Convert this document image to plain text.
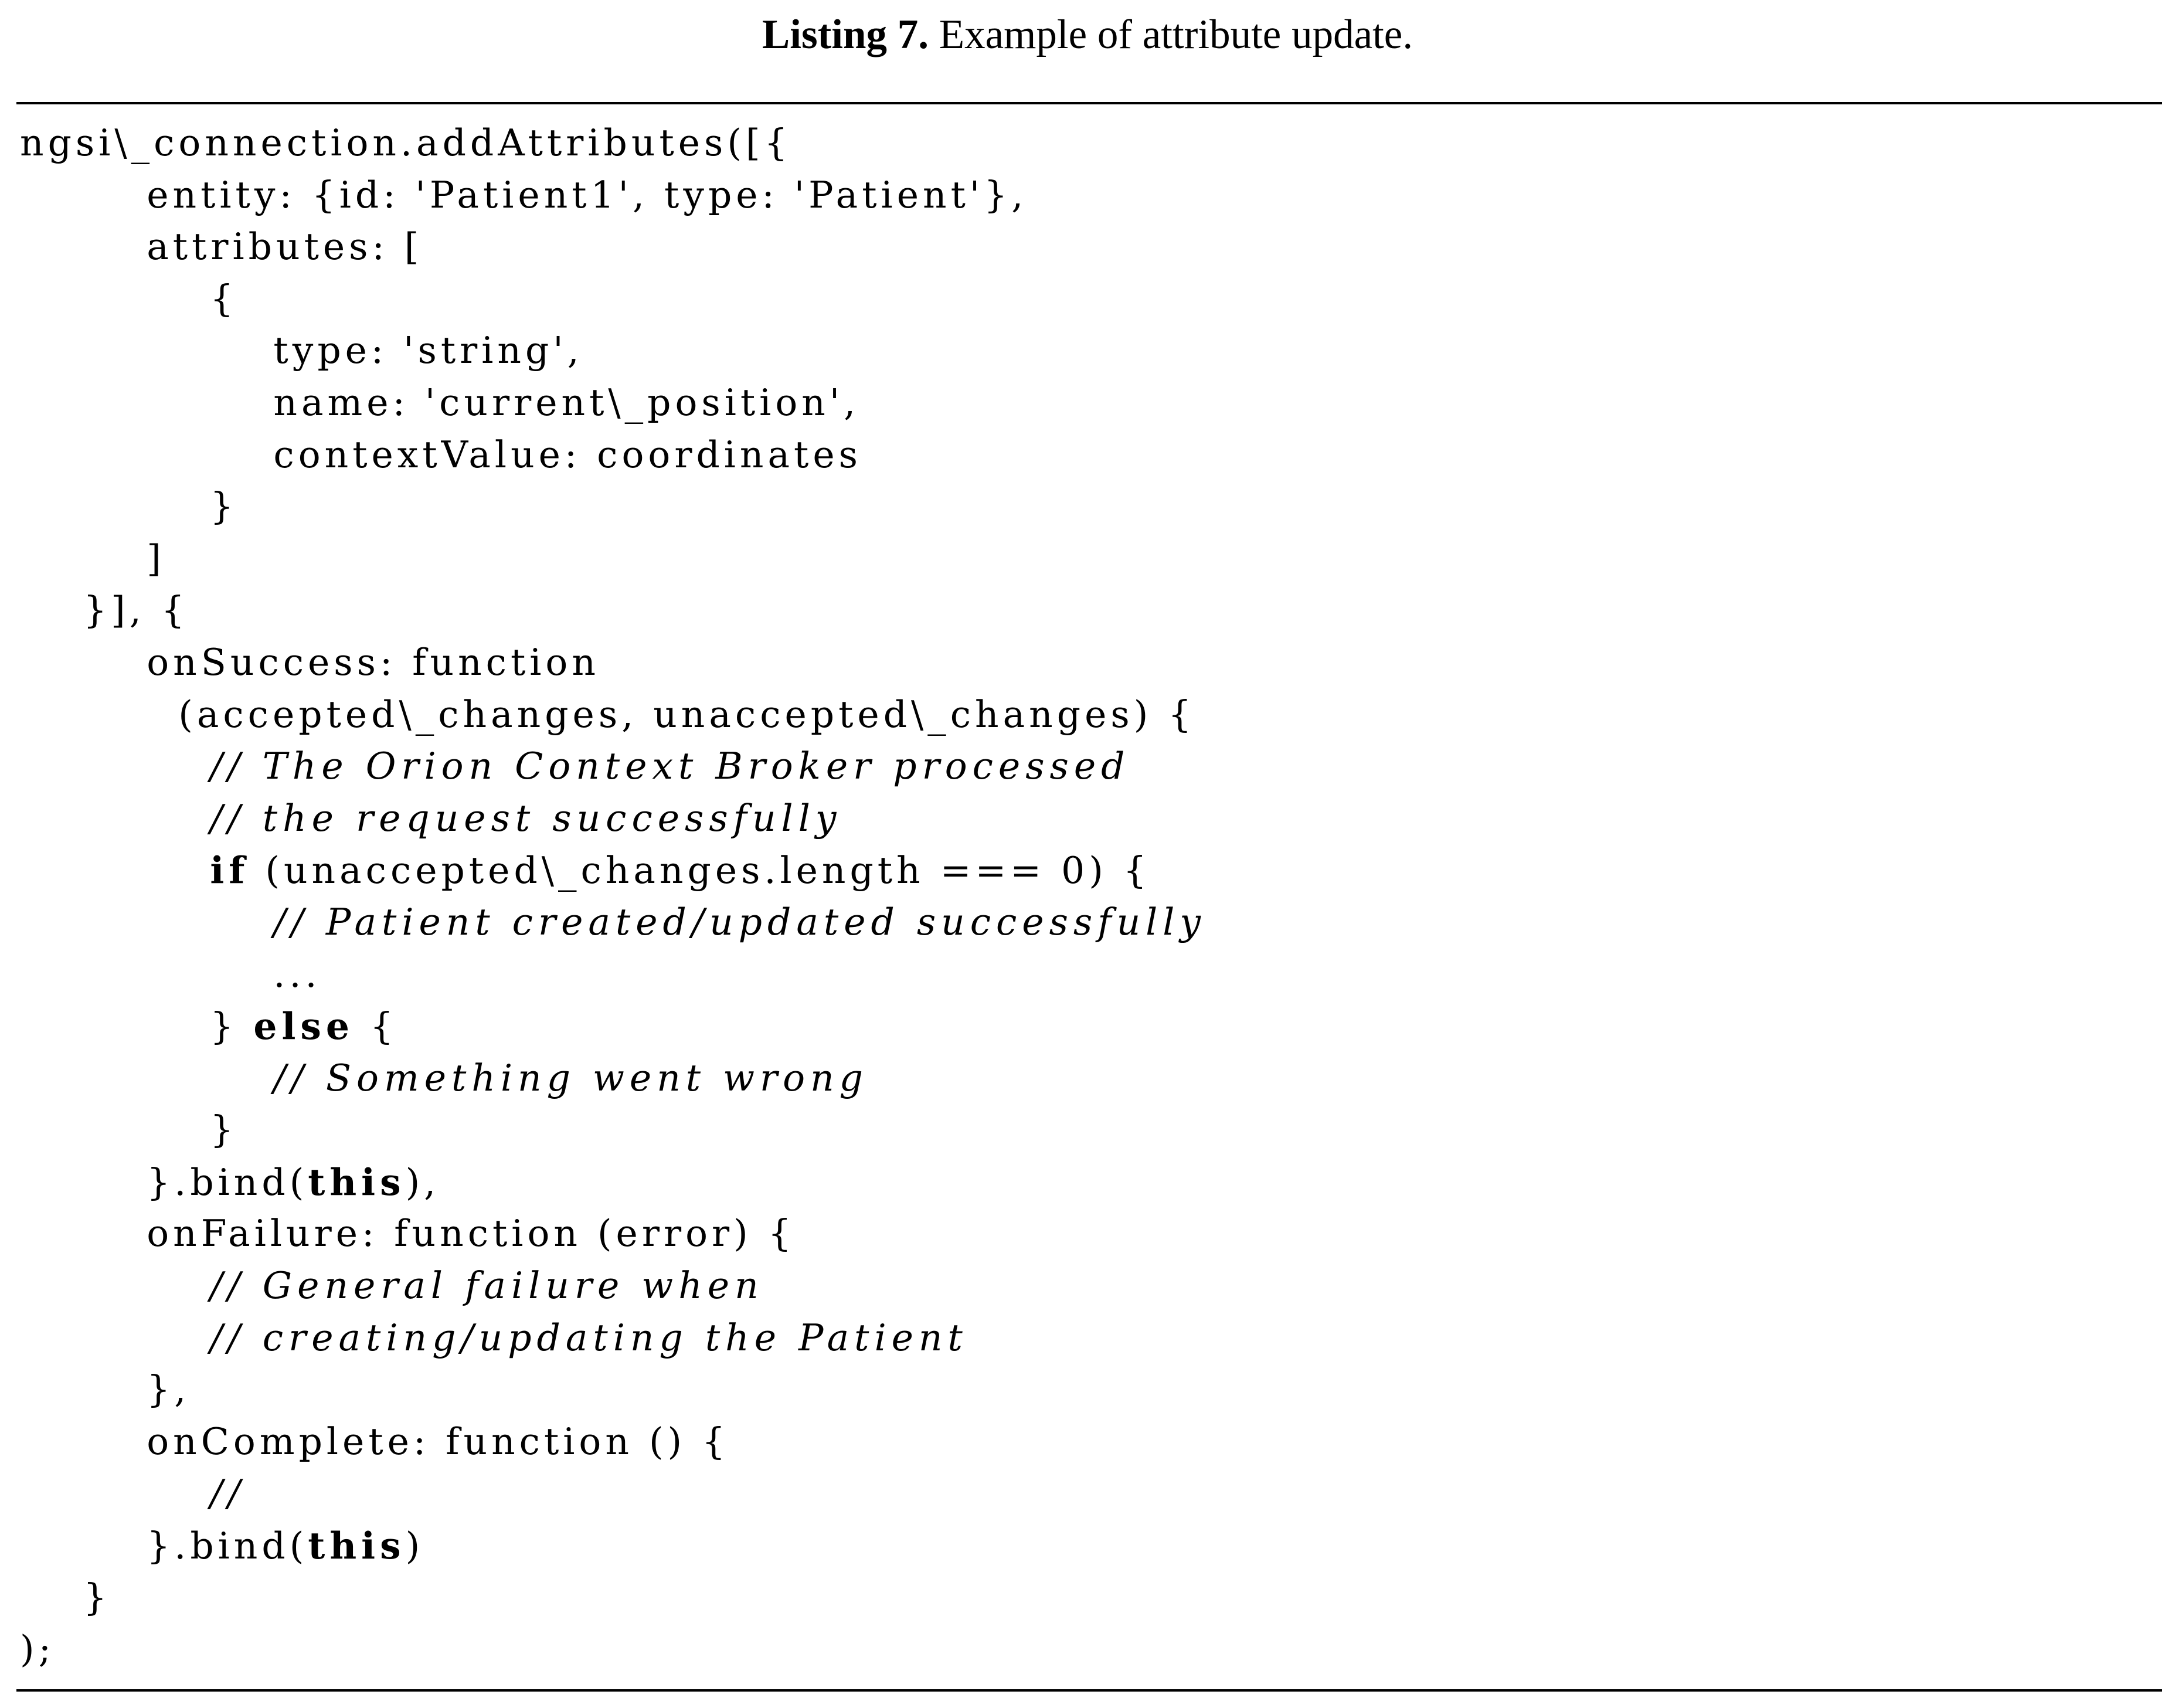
Listing 7. Example of attribute update.
ngsi\_connection.addAttributes([{
entity: {id: 'Patient1', type: 'Patient'},
attributes: [
{
type: 'string',
name: 'current\_position',
contextValue: coordinates
}
]
}], {
onSuccess: function
(accepted\_changes, unaccepted\_changes) {
// The Orion Context Broker processed
// the request successfully
if (unaccepted\_changes.length === 0) {
// Patient created/updated successfully
...
} else {
// Something went wrong
}
}.bind(this),
onFailure: function (error) {
// General failure when
// creating/updating the Patient
},
onComplete: function () {
//
}.bind(this)
}
);
